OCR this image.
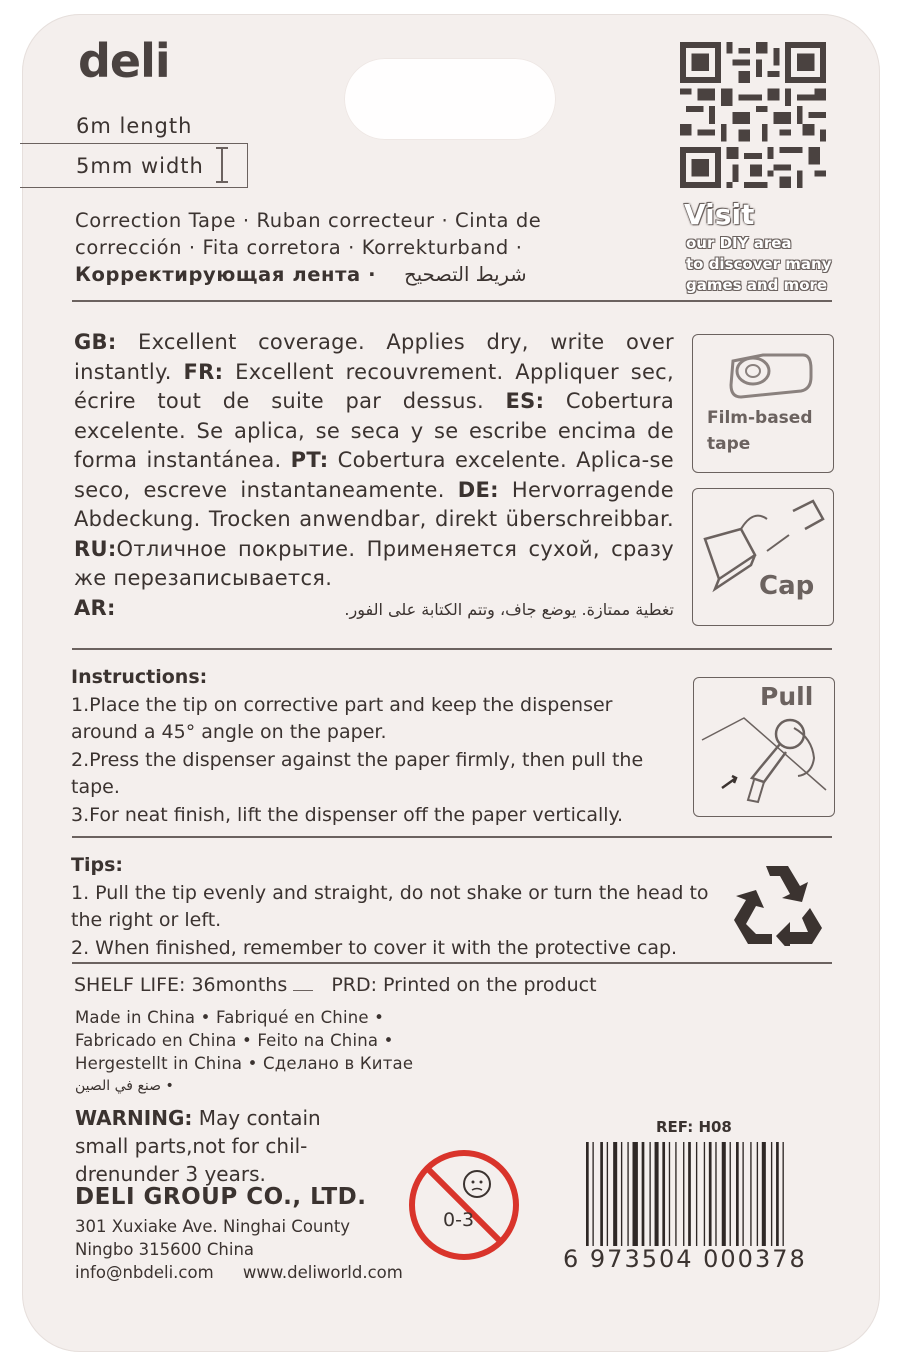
deli
6m length
5mm width
Correction Tape · Ruban correcteur · Cinta de
corrección · Fita corretora · Korrekturband ·
Корректирующая лента · شريط التصحيح
Visit
our DIY area
to discover many
games and more
GB: Excellent coverage. Applies dry, write over instantly. FR: Excellent recouvrement. Appliquer sec, écrire tout de suite par dessus. ES: Cobertura excelente. Se aplica, se seca y se escribe encima de forma instantánea. PT: Cobertura excelente. Aplica-se seco, escreve instantaneamente. DE: Hervorragende Abdeckung. Trocken anwendbar, direkt überschreibbar. RU:Отличное покрытие. Применяется сухой, сразу же перезаписывается.
AR:	تغطية ممتازة. يوضع جاف، وتتم الكتابة على الفور.
Film-based
tape
Cap
Instructions:
1.Place the tip on corrective part and keep the dispenser around a 45° angle on the paper.
2.Press the dispenser against the paper firmly, then pull the tape.
3.For neat finish, lift the dispenser off the paper vertically.
Pull
Tips:
1. Pull the tip evenly and straight, do not shake or turn the head to the right or left.
2. When finished, remember to cover it with the protective cap.
SHELF LIFE: 36months PRD: Printed on the product
Made in China • Fabriqué en Chine •
Fabricado en China • Feito na China •
Hergestellt in China • Сделано в Китае
• صنع في الصين
WARNING: May contain
small parts,not for chil-
drenunder 3 years.
DELI GROUP CO., LTD.
301 Xuxiake Ave. Ninghai County
Ningbo 315600 China
info@nbdeli.com www.deliworld.com
0-3
REF: H08
6 973504 000378
